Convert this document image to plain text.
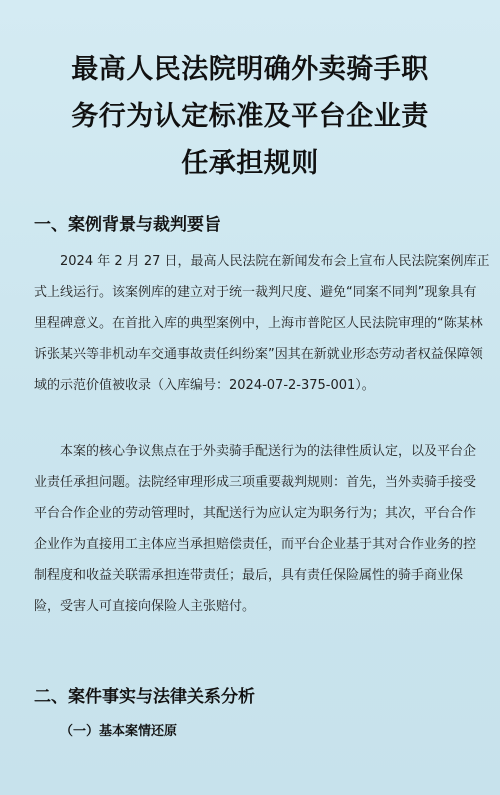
最高人民法院明确外卖骑手职
务行为认定标准及平台企业责
任承担规则
一、案例背景与裁判要旨

2024 年 2 月 27 日，最高人民法院在新闻发布会上宣布人民法院案例库正
式上线运行。该案例库的建立对于统一裁判尺度、避免“同案不同判”现象具有
里程碑意义。在首批入库的典型案例中，上海市普陀区人民法院审理的“陈某林
诉张某兴等非机动车交通事故责任纠纷案”因其在新就业形态劳动者权益保障领
域的示范价值被收录（入库编号：2024-07-2-375-001）。

本案的核心争议焦点在于外卖骑手配送行为的法律性质认定，以及平台企
业责任承担问题。法院经审理形成三项重要裁判规则：首先，当外卖骑手接受
平台合作企业的劳动管理时，其配送行为应认定为职务行为；其次，平台合作
企业作为直接用工主体应当承担赔偿责任，而平台企业基于其对合作业务的控
制程度和收益关联需承担连带责任；最后，具有责任保险属性的骑手商业保
险，受害人可直接向保险人主张赔付。

二、案件事实与法律关系分析
（一）基本案情还原
